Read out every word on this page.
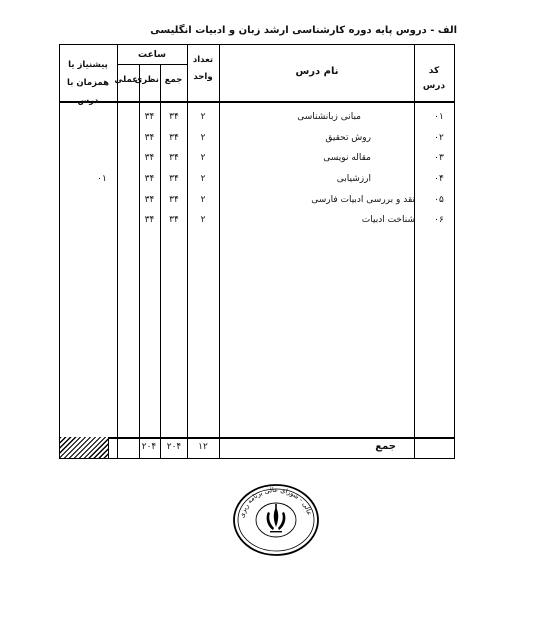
الف - دروس پایه دوره کارشناسی ارشد زبان و ادبیات انگلیسی
کد درس
نام درس
تعداد واحد
ساعت
جمع
نظری
عملی
پیشنیاز یا همزمان با درس
۰۱
مبانی زبانشناسی
۲
۳۴
۳۴
۰۲
روش تحقیق
۲
۳۴
۳۴
۰۳
مقاله نویسی
۲
۳۴
۳۴
۰۴
ارزشیابی
۲
۳۴
۳۴
۰۱
۰۵
نقد و بررسی ادبیات فارسی
۲
۳۴
۳۴
۰۶
شناخت ادبیات
۲
۳۴
۳۴
جمع
۱۲
۲۰۴
۲۰۴
عالی - شورای عالی برنامه ریزی
